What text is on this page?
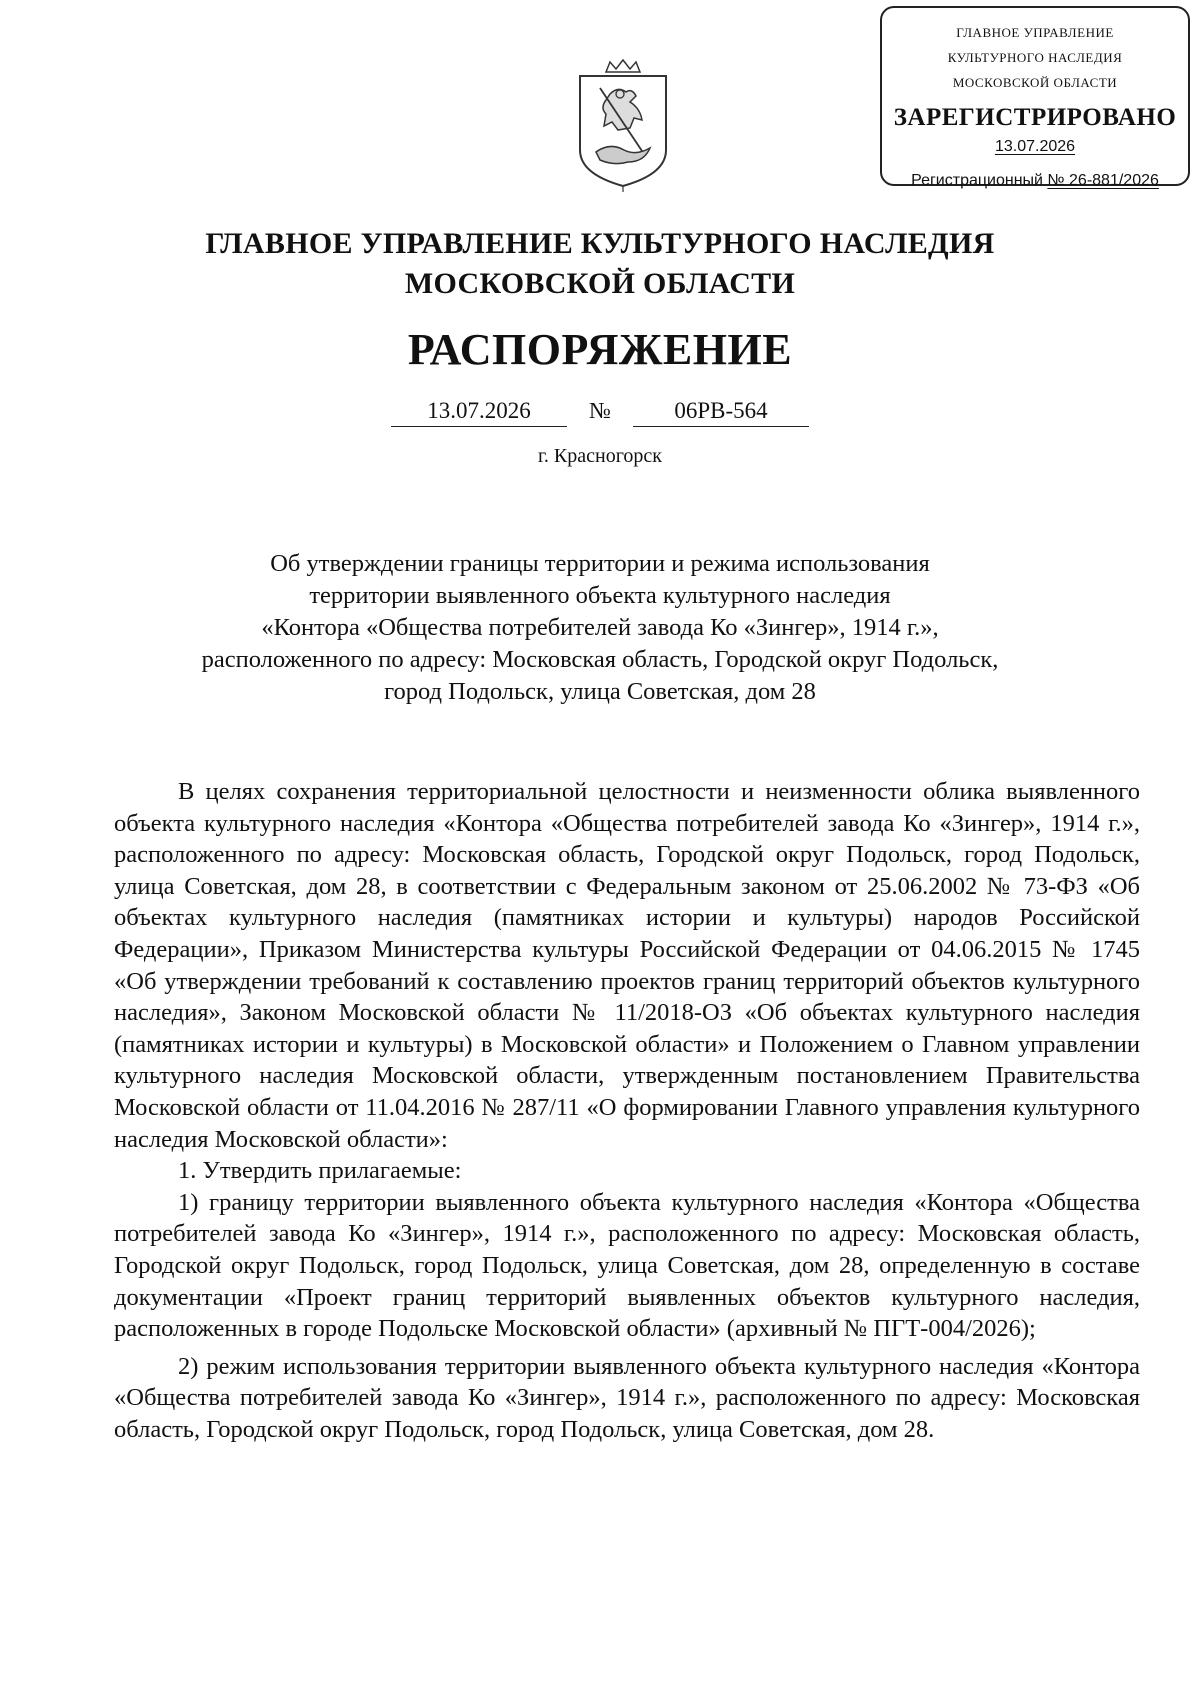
ГЛАВНОЕ УПРАВЛЕНИЕ
КУЛЬТУРНОГО НАСЛЕДИЯ
МОСКОВСКОЙ ОБЛАСТИ
ЗАРЕГИСТРИРОВАНО
13.07.2026
Регистрационный № 26-881/2026
ГЛАВНОЕ УПРАВЛЕНИЕ КУЛЬТУРНОГО НАСЛЕДИЯ
МОСКОВСКОЙ ОБЛАСТИ
РАСПОРЯЖЕНИЕ
13.07.2026	№	06РВ-564
г. Красногорск
Об утверждении границы территории и режима использования
территории выявленного объекта культурного наследия
«Контора «Общества потребителей завода Ко «Зингер», 1914 г.»,
расположенного по адресу: Московская область, Городской округ Подольск,
город Подольск, улица Советская, дом 28

В целях сохранения территориальной целостности и неизменности облика выявленного объекта культурного наследия «Контора «Общества потребителей завода Ко «Зингер», 1914 г.», расположенного по адресу: Московская область, Городской округ Подольск, город Подольск, улица Советская, дом 28, в соответствии с Федеральным законом от 25.06.2002 № 73-ФЗ «Об объектах культурного наследия (памятниках истории и культуры) народов Российской Федерации», Приказом Министерства культуры Российской Федерации от 04.06.2015 № 1745 «Об утверждении требований к составлению проектов границ территорий объектов культурного наследия», Законом Московской области № 11/2018-ОЗ «Об объектах культурного наследия (памятниках истории и культуры) в Московской области» и Положением о Главном управлении культурного наследия Московской области, утвержденным постановлением Правительства Московской области от 11.04.2016 № 287/11 «О формировании Главного управления культурного наследия Московской области»:

1. Утвердить прилагаемые:

1) границу территории выявленного объекта культурного наследия «Контора «Общества потребителей завода Ко «Зингер», 1914 г.», расположенного по адресу: Московская область, Городской округ Подольск, город Подольск, улица Советская, дом 28, определенную в составе документации «Проект границ территорий выявленных объектов культурного наследия, расположенных в городе Подольске Московской области» (архивный № ПГТ-004/2026);

2) режим использования территории выявленного объекта культурного наследия «Контора «Общества потребителей завода Ко «Зингер», 1914 г.», расположенного по адресу: Московская область, Городской округ Подольск, город Подольск, улица Советская, дом 28.
